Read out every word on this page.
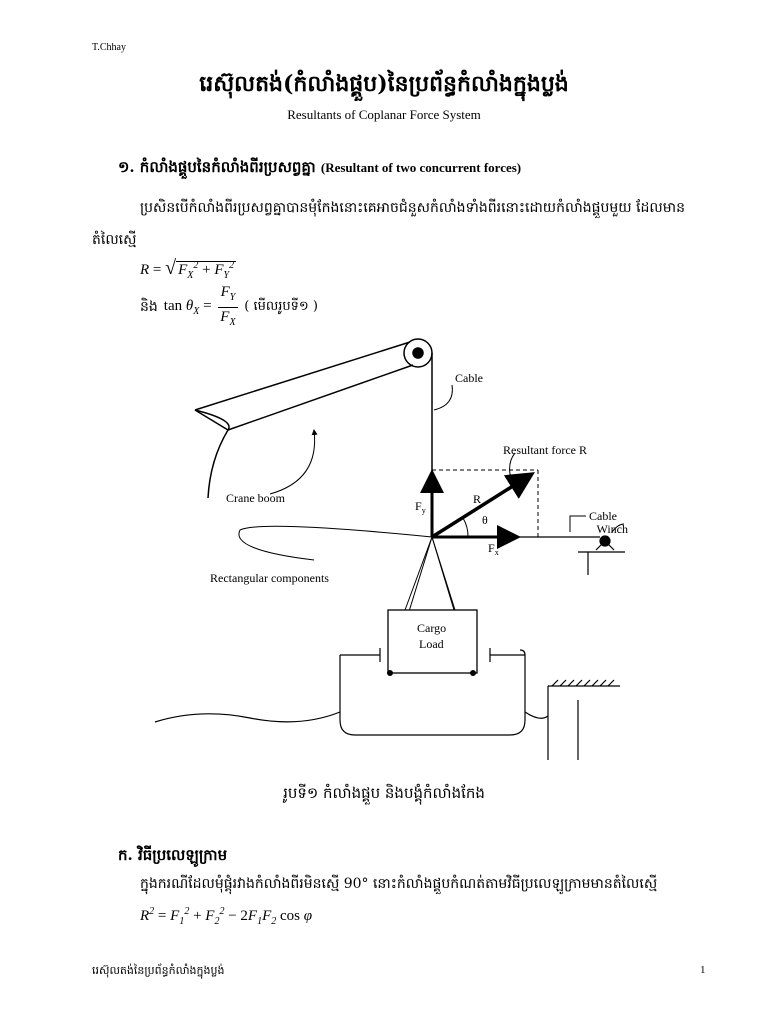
T.Chhay
រេស៊ុលតង់(កំលាំងផ្គួប)នៃប្រព័ន្ធកំលាំងក្នុងប្លង់
Resultants of Coplanar Force System
១. កំលាំងផ្គួបនៃកំលាំងពីរប្រសព្វគ្នា (Resultant of two concurrent forces)
ប្រសិនបើកំលាំងពីរប្រសព្វគ្នាបានមុំកែងនោះគេអាចជំនួសកំលាំងទាំងពីរនោះដោយកំលាំងផ្គួបមួយ ដែលមានតំលៃស្មើ
R = √ $F_X^2 + F_Y^2$
និង $\tan \theta_X = \frac{F_Y}{F_X}$ ( មើលរូបទី១ )
Cable
Resultant force R
Crane boom
$F_y$
R
θ
$F_x$
Cable
Winch
Rectangular components
Cargo
Load
រូបទី១ កំលាំងផ្គួប និងបង្គុំកំលាំងកែង
ក. វិធីប្រលេឡូក្រាម
ក្នុងករណីដែលមុំផ្តុំរវាងកំលាំងពីរមិនស្មើ 90° នោះកំលាំងផ្គួបកំណត់តាមវិធីប្រលេឡូក្រាមមានតំលៃស្មើ
$R^2 = F_1^2 + F_2^2 - 2F_1F_2$ cos φ
រេស៊ុលតង់នៃប្រព័ន្ធកំលាំងក្នុងប្លង់	1
